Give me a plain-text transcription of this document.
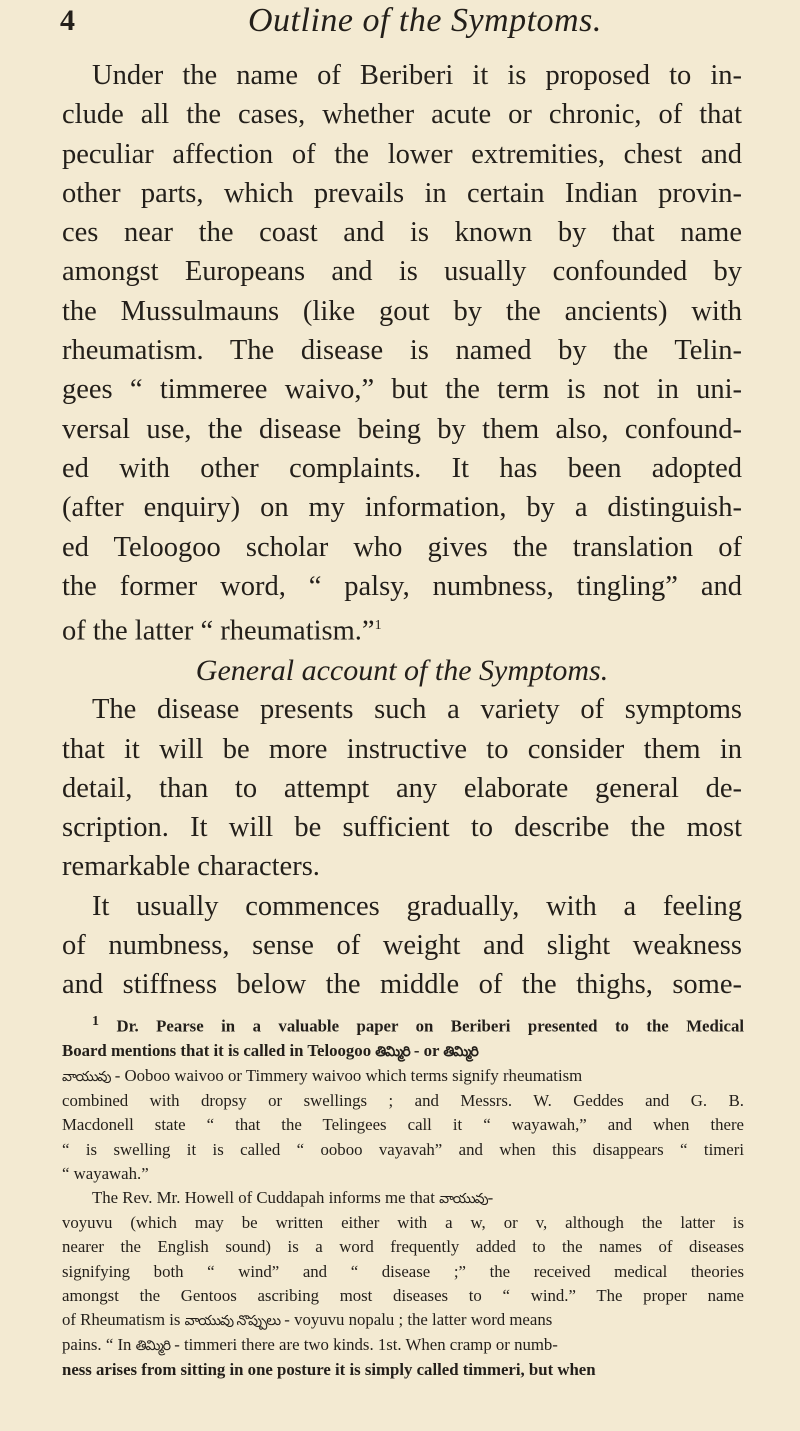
4	Outline of the Symptoms.
Under the name of Beriberi it is proposed to in-
clude all the cases, whether acute or chronic, of that
peculiar affection of the lower extremities, chest and
other parts, which prevails in certain Indian provin-
ces near the coast and is known by that name
amongst Europeans and is usually confounded by
the Mussulmauns (like gout by the ancients) with
rheumatism. The disease is named by the Telin-
gees “ timmeree waivo,” but the term is not in uni-
versal use, the disease being by them also, confound-
ed with other complaints. It has been adopted
(after enquiry) on my information, by a distinguish-
ed Teloogoo scholar who gives the translation of
the former word, “ palsy, numbness, tingling” and
of the latter “ rheumatism.”$^1$
General account of the Symptoms.
The disease presents such a variety of symptoms
that it will be more instructive to consider them in
detail, than to attempt any elaborate general de-
scription. It will be sufficient to describe the most
remarkable characters.
It usually commences gradually, with a feeling
of numbness, sense of weight and slight weakness
and stiffness below the middle of the thighs, some-
$^1$ Dr. Pearse in a valuable paper on Beriberi presented to the Medical
Board mentions that it is called in Teloogoo తిమ్మిరి - or తిమ్మిరి
వాయువు - Ooboo waivoo or Timmery waivoo which terms signify rheumatism
combined with dropsy or swellings ; and Messrs. W. Geddes and G. B.
Macdonell state “ that the Telingees call it “ wayawah,” and when there
“ is swelling it is called “ ooboo vayavah” and when this disappears “ timeri
“ wayawah.”
The Rev. Mr. Howell of Cuddapah informs me that వాయువు-
voyuvu (which may be written either with a w, or v, although the latter is
nearer the English sound) is a word frequently added to the names of diseases
signifying both “ wind” and “ disease ;” the received medical theories
amongst the Gentoos ascribing most diseases to “ wind.” The proper name
of Rheumatism is వాయువు నొప్పులు - voyuvu nopalu ; the latter word means
pains. “ In తిమ్మిరి - timmeri there are two kinds. 1st. When cramp or numb-
ness arises from sitting in one posture it is simply called timmeri, but when
